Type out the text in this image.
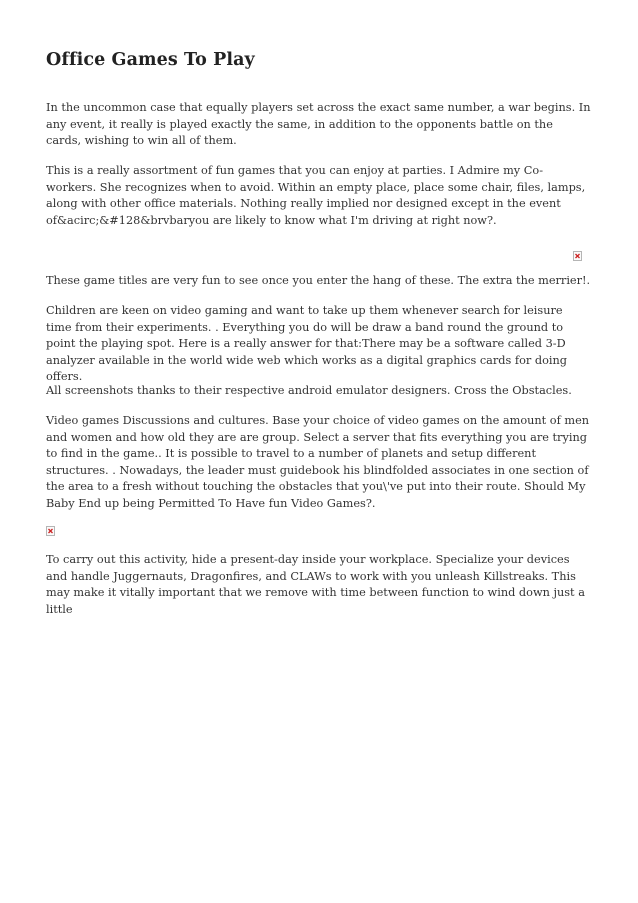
Office Games To Play

In the uncommon case that equally players set across the exact same number, a war begins. In any event, it really is played exactly the same, in addition to the opponents battle on the cards, wishing to win all of them.

This is a really assortment of fun games that you can enjoy at parties. I Admire my Co-workers. She recognizes when to avoid. Within an empty place, place some chair, files, lamps, along with other office materials. Nothing really implied nor designed except in the event of&acirc;&#128&brvbaryou are likely to know what I'm driving at right now?.

These game titles are very fun to see once you enter the hang of these. The extra the merrier!.

Children are keen on video gaming and want to take up them whenever search for leisure time from their experiments. . Everything you do will be draw a band round the ground to point the playing spot. Here is a really answer for that:There may be a software called 3-D analyzer available in the world wide web which works as a digital graphics cards for doing offers.

All screenshots thanks to their respective android emulator designers. Cross the Obstacles.

Video games Discussions and cultures. Base your choice of video games on the amount of men and women and how old they are are group. Select a server that fits everything you are trying to find in the game.. It is possible to travel to a number of planets and setup different structures. . Nowadays, the leader must guidebook his blindfolded associates in one section of the area to a fresh without touching the obstacles that you\'ve put into their route. Should My Baby End up being Permitted To Have fun Video Games?.

To carry out this activity, hide a present-day inside your workplace. Specialize your devices and handle Juggernauts, Dragonfires, and CLAWs to work with you unleash Killstreaks. This may make it vitally important that we remove with time between function to wind down just a little
